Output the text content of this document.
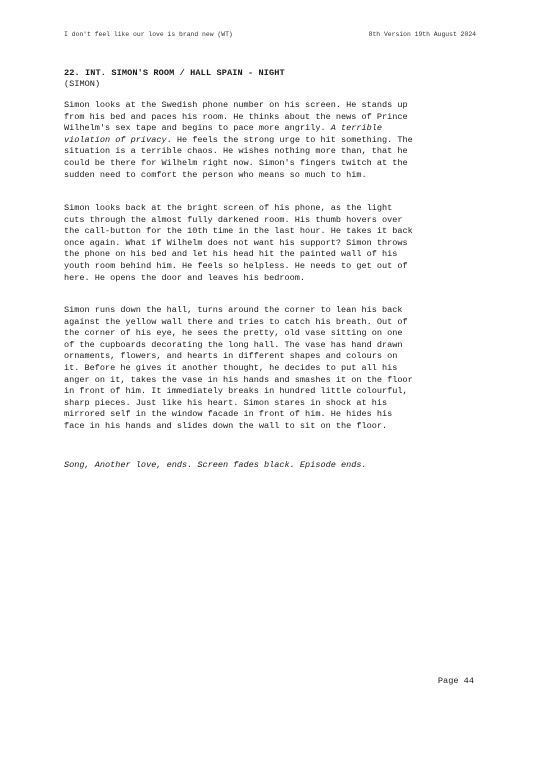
I don't feel like our love is brand new (WT)	8th Version 19th August 2024
22. INT. SIMON'S ROOM / HALL SPAIN - NIGHT
(SIMON)

Simon looks at the Swedish phone number on his screen. He stands up
from his bed and paces his room. He thinks about the news of Prince
Wilhelm's sex tape and begins to pace more angrily. A terrible
violation of privacy. He feels the strong urge to hit something. The
situation is a terrible chaos. He wishes nothing more than, that he
could be there for Wilhelm right now. Simon's fingers twitch at the
sudden need to comfort the person who means so much to him.

Simon looks back at the bright screen of his phone, as the light
cuts through the almost fully darkened room. His thumb hovers over
the call-button for the 10th time in the last hour. He takes it back
once again. What if Wilhelm does not want his support? Simon throws
the phone on his bed and let his head hit the painted wall of his
youth room behind him. He feels so helpless. He needs to get out of
here. He opens the door and leaves his bedroom.

Simon runs down the hall, turns around the corner to lean his back
against the yellow wall there and tries to catch his breath. Out of
the corner of his eye, he sees the pretty, old vase sitting on one
of the cupboards decorating the long hall. The vase has hand drawn
ornaments, flowers, and hearts in different shapes and colours on
it. Before he gives it another thought, he decides to put all his
anger on it, takes the vase in his hands and smashes it on the floor
in front of him. It immediately breaks in hundred little colourful,
sharp pieces. Just like his heart. Simon stares in shock at his
mirrored self in the window facade in front of him. He hides his
face in his hands and slides down the wall to sit on the floor.

Song, Another love, ends. Screen fades black. Episode ends.

Page 44
